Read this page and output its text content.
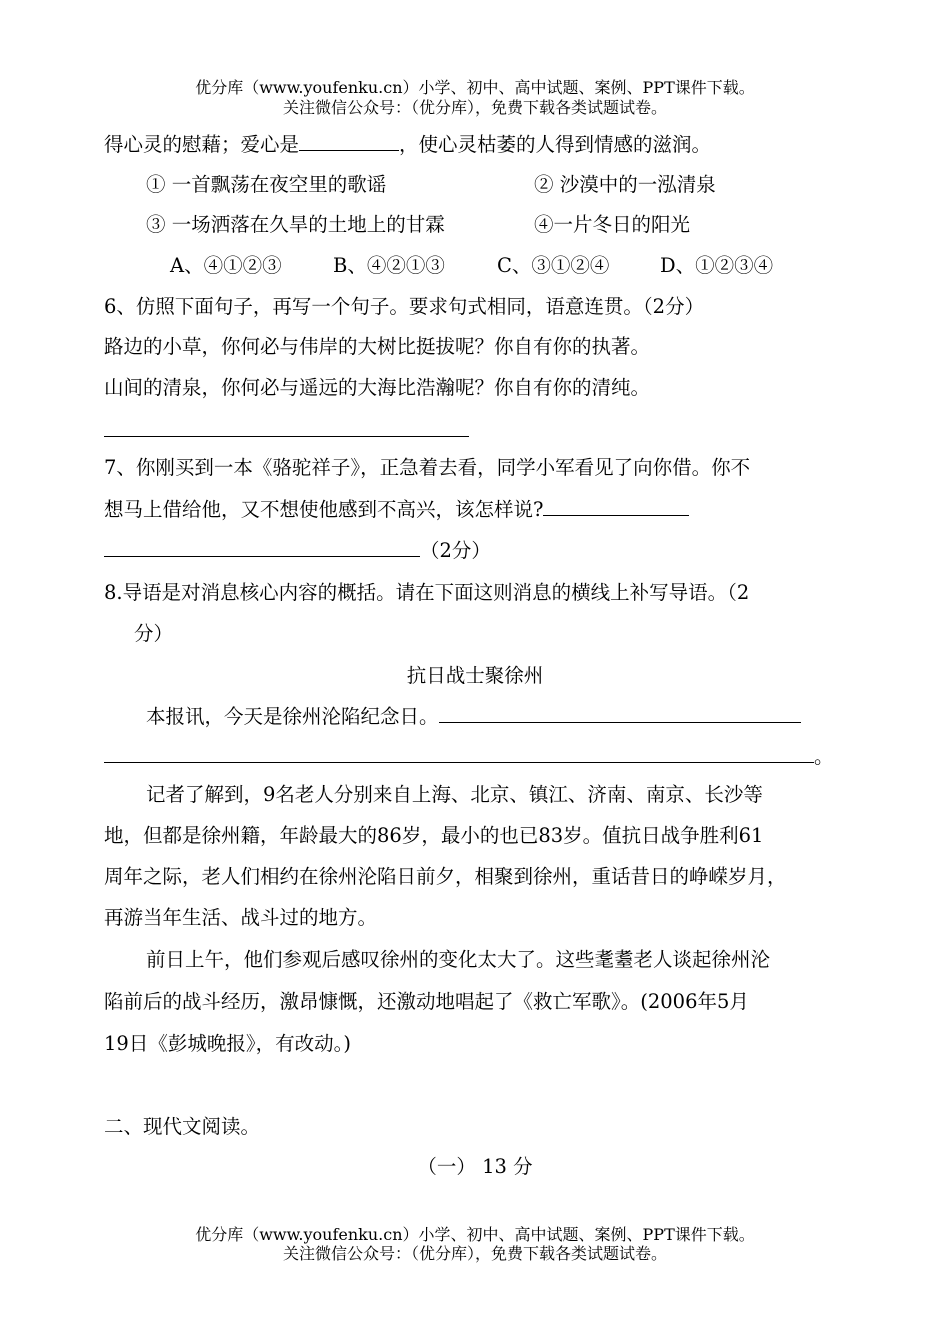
优分库（www.youfenku.cn）小学、初中、高中试题、案例、PPT课件下载。
关注微信公众号：（优分库），免费下载各类试题试卷。
得心灵的慰藉；爱心是	，使心灵枯萎的人得到情感的滋润。
① 一首飘荡在夜空里的歌谣	② 沙漠中的一泓清泉
③ 一场洒落在久旱的土地上的甘霖	④一片冬日的阳光
A、④①②③	B、④②①③	C、③①②④	D、①②③④
6、仿照下面句子，再写一个句子。要求句式相同，语意连贯。（2分）
路边的小草，你何必与伟岸的大树比挺拔呢？你自有你的执著。
山间的清泉，你何必与遥远的大海比浩瀚呢？你自有你的清纯。
7、你刚买到一本《骆驼祥子》，正急着去看，同学小军看见了向你借。你不
想马上借给他，又不想使他感到不高兴，该怎样说?
（2分）
8.导语是对消息核心内容的概括。请在下面这则消息的横线上补写导语。（2
分）
抗日战士聚徐州
本报讯，今天是徐州沦陷纪念日。
。
记者了解到，9名老人分别来自上海、北京、镇江、济南、南京、长沙等
地，但都是徐州籍，年龄最大的86岁，最小的也已83岁。值抗日战争胜利61
周年之际，老人们相约在徐州沦陷日前夕，相聚到徐州，重话昔日的峥嵘岁月，
再游当年生活、战斗过的地方。
前日上午，他们参观后感叹徐州的变化太大了。这些耄耋老人谈起徐州沦
陷前后的战斗经历，激昂慷慨，还激动地唱起了《救亡军歌》。(2006年5月
19日《彭城晚报》，有改动。)
二、现代文阅读。
（一） 13 分
优分库（www.youfenku.cn）小学、初中、高中试题、案例、PPT课件下载。
关注微信公众号：（优分库），免费下载各类试题试卷。
